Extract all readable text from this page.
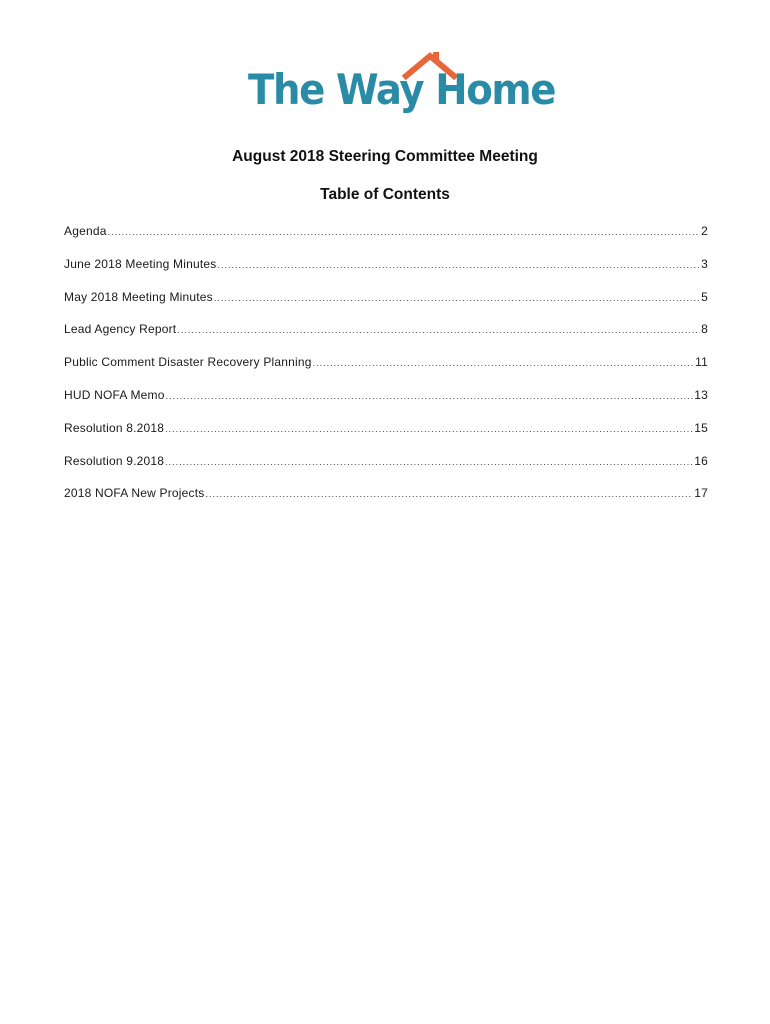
The Way Home
August 2018 Steering Committee Meeting
Table of Contents
Agenda .....	2
June 2018 Meeting Minutes .....	3
May 2018 Meeting Minutes .....	5
Lead Agency Report .....	8
Public Comment Disaster Recovery Planning .....	11
HUD NOFA Memo .....	13
Resolution 8.2018 .....	15
Resolution 9.2018 .....	16
2018 NOFA New Projects .....	17
